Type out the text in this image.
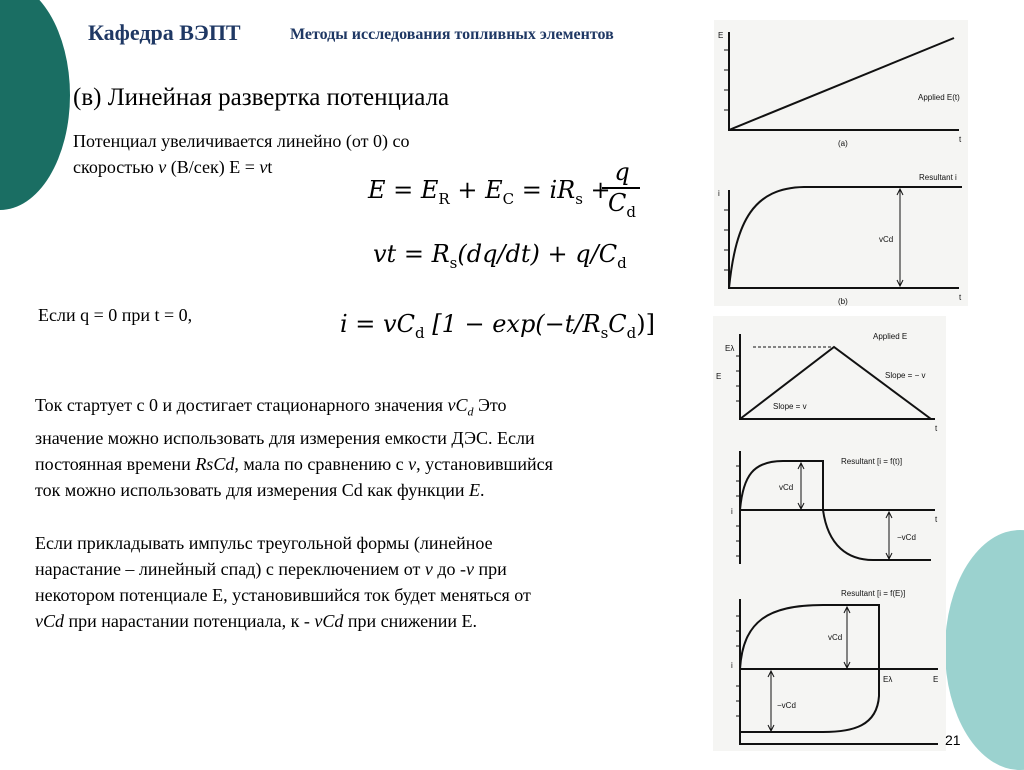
Кафедра ВЭПТ	Методы исследования топливных элементов
(в) Линейная развертка потенциала
Потенциал увеличивается линейно (от 0) со
скоростью v (В/сек) E = vt
$E = E_R + E_C = iR_s$ +
q
$C_d$
vt = $R_s(dq/dt) + q/C_d$
Если q = 0 при t = 0,	$i = vC_d$ $[1 - \exp(-t/R_sC_d)]$
Ток стартует с 0 и достигает стационарного значения $vC_d$ Это
значение можно использовать для измерения емкости ДЭС. Если
постоянная времени RsCd, мала по сравнению с v, установившийся
ток можно использовать для измерения Cd как функции E.
Если прикладывать импульс треугольной формы (линейное
нарастание – линейный спад) с переключением от v до -v при
некотором потенциале E, установившийся ток будет меняться от
vCd при нарастании потенциала, к - vCd при снижении E.
E
Applied E(t)
t
(a)
i
Resultant i
vCd
t
(b)
Applied E
Eλ
E
Slope = v
Slope = − v
t
Resultant [i = f(t)]
vCd
−vCd
i
t
Resultant [i = f(E)]
vCd
−vCd
i
Eλ	E
21
